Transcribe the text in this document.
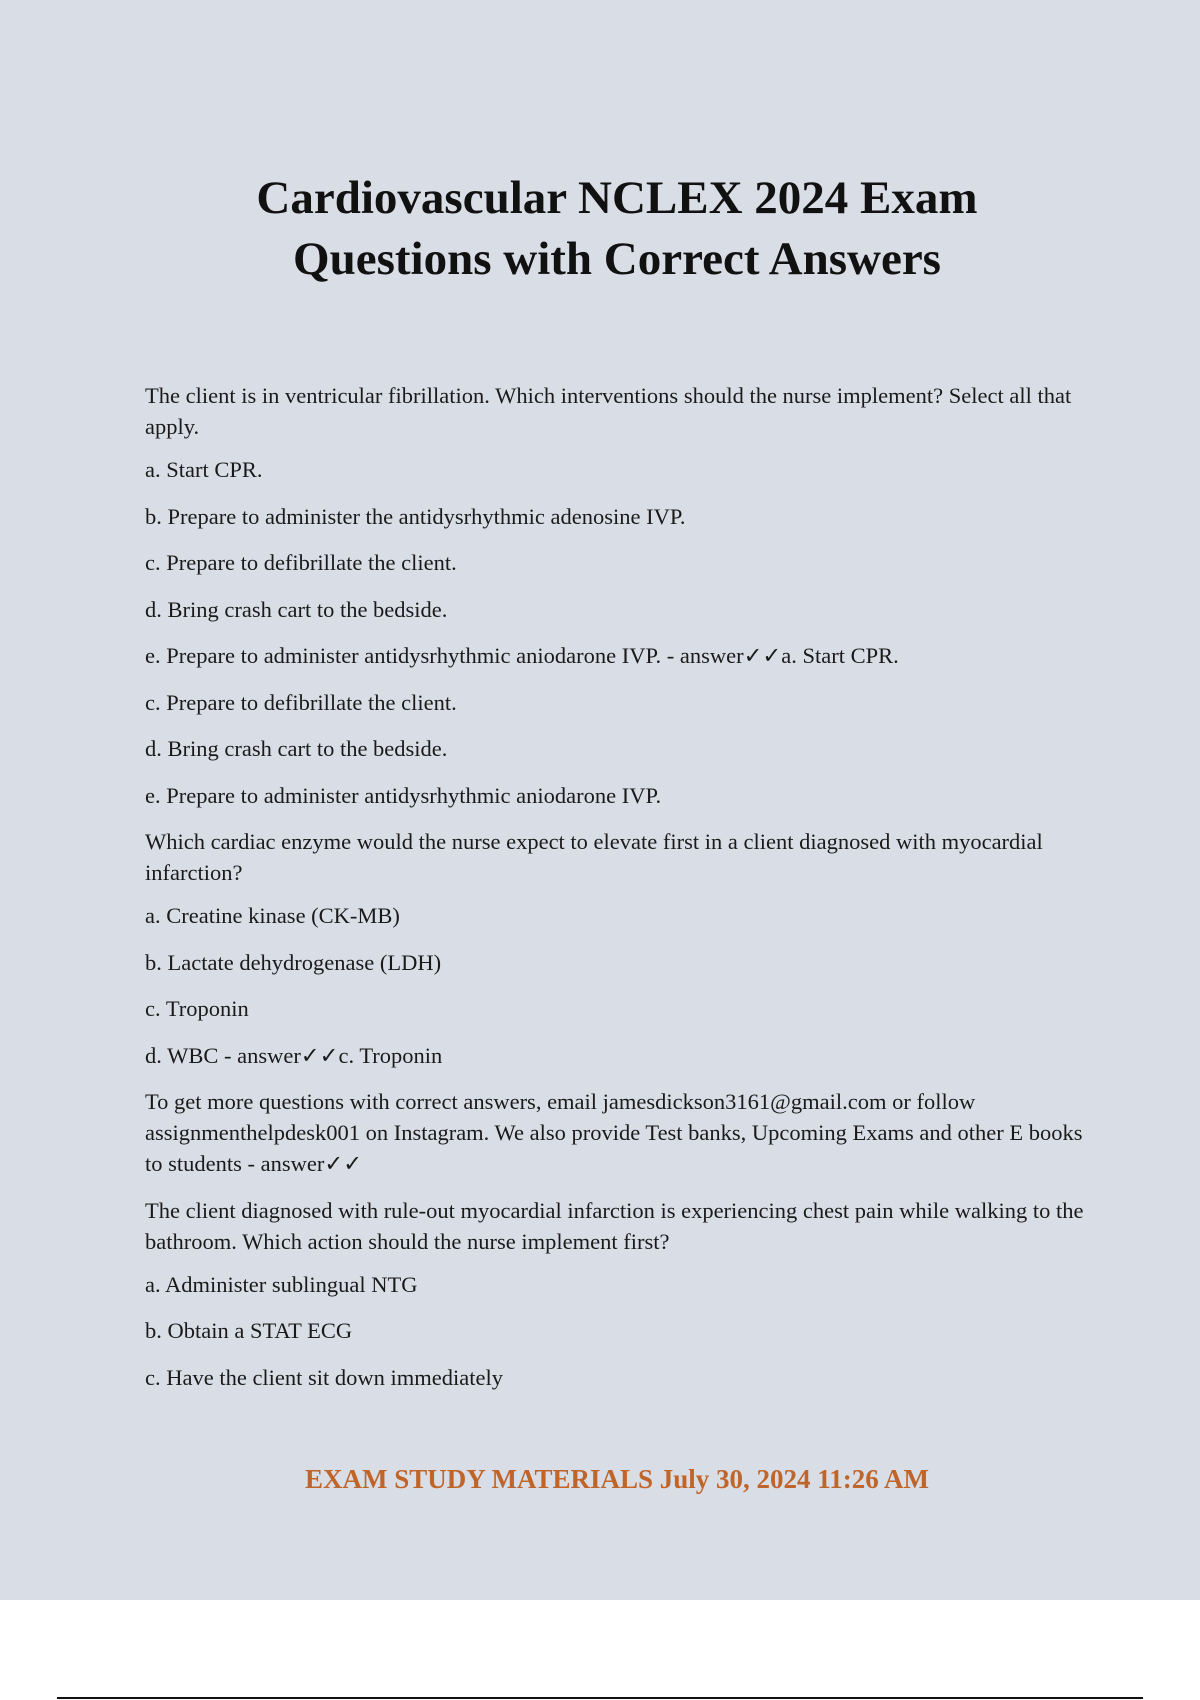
Cardiovascular NCLEX 2024 Exam
Questions with Correct Answers

The client is in ventricular fibrillation. Which interventions should the nurse implement? Select all that apply.

a. Start CPR.

b. Prepare to administer the antidysrhythmic adenosine IVP.

c. Prepare to defibrillate the client.

d. Bring crash cart to the bedside.

e. Prepare to administer antidysrhythmic aniodarone IVP. - answer✓✓a. Start CPR.

c. Prepare to defibrillate the client.

d. Bring crash cart to the bedside.

e. Prepare to administer antidysrhythmic aniodarone IVP.

Which cardiac enzyme would the nurse expect to elevate first in a client diagnosed with myocardial infarction?

a. Creatine kinase (CK-MB)

b. Lactate dehydrogenase (LDH)

c. Troponin

d. WBC - answer✓✓c. Troponin

To get more questions with correct answers, email jamesdickson3161@gmail.com or follow assignmenthelpdesk001 on Instagram. We also provide Test banks, Upcoming Exams and other E books to students - answer✓✓

The client diagnosed with rule-out myocardial infarction is experiencing chest pain while walking to the bathroom. Which action should the nurse implement first?

a. Administer sublingual NTG

b. Obtain a STAT ECG

c. Have the client sit down immediately

EXAM STUDY MATERIALS July 30, 2024 11:26 AM
